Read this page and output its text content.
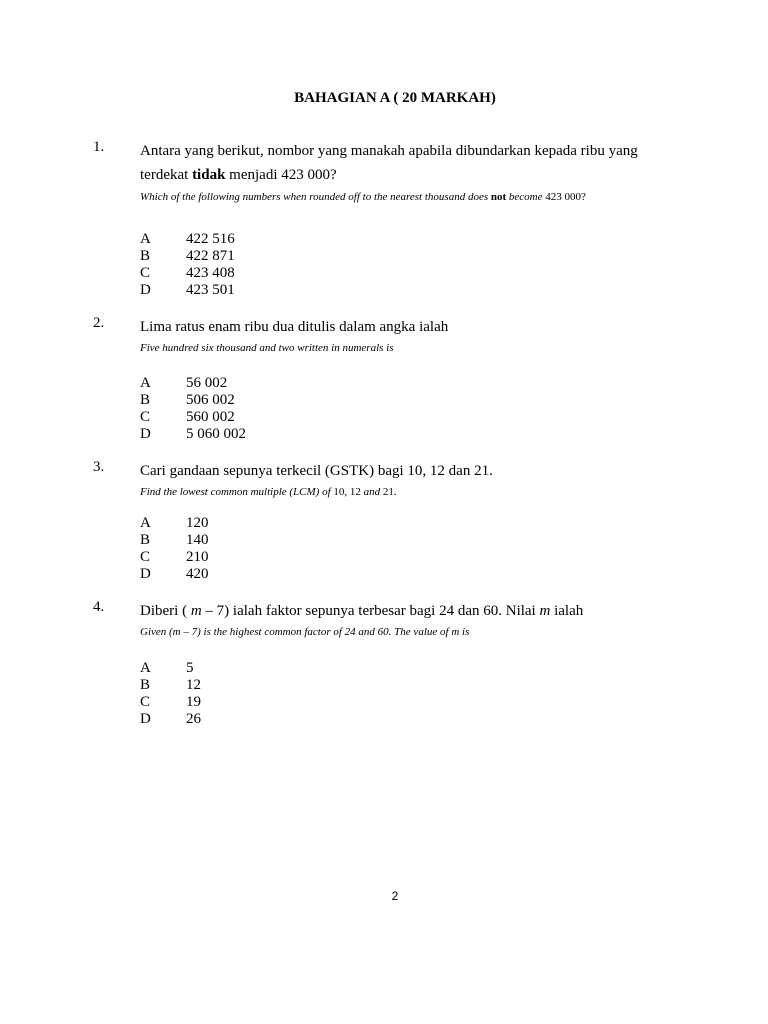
BAHAGIAN A ( 20 MARKAH)
1. Antara yang berikut, nombor yang manakah apabila dibundarkan kepada ribu yang
terdekat tidak menjadi 423 000?
Which of the following numbers when rounded off to the nearest thousand does not become 423 000?
A 422 516
B 422 871
C 423 408
D 423 501
2. Lima ratus enam ribu dua ditulis dalam angka ialah
Five hundred six thousand and two written in numerals is
A 56 002
B 506 002
C 560 002
D 5 060 002
3. Cari gandaan sepunya terkecil (GSTK) bagi 10, 12 dan 21.
Find the lowest common multiple (LCM) of 10, 12 and 21.
A 120
B 140
C 210
D 420
4. Diberi ( m – 7) ialah faktor sepunya terbesar bagi 24 dan 60. Nilai m ialah
Given (m – 7) is the highest common factor of 24 and 60. The value of m is
A 5
B 12
C 19
D 26
2
